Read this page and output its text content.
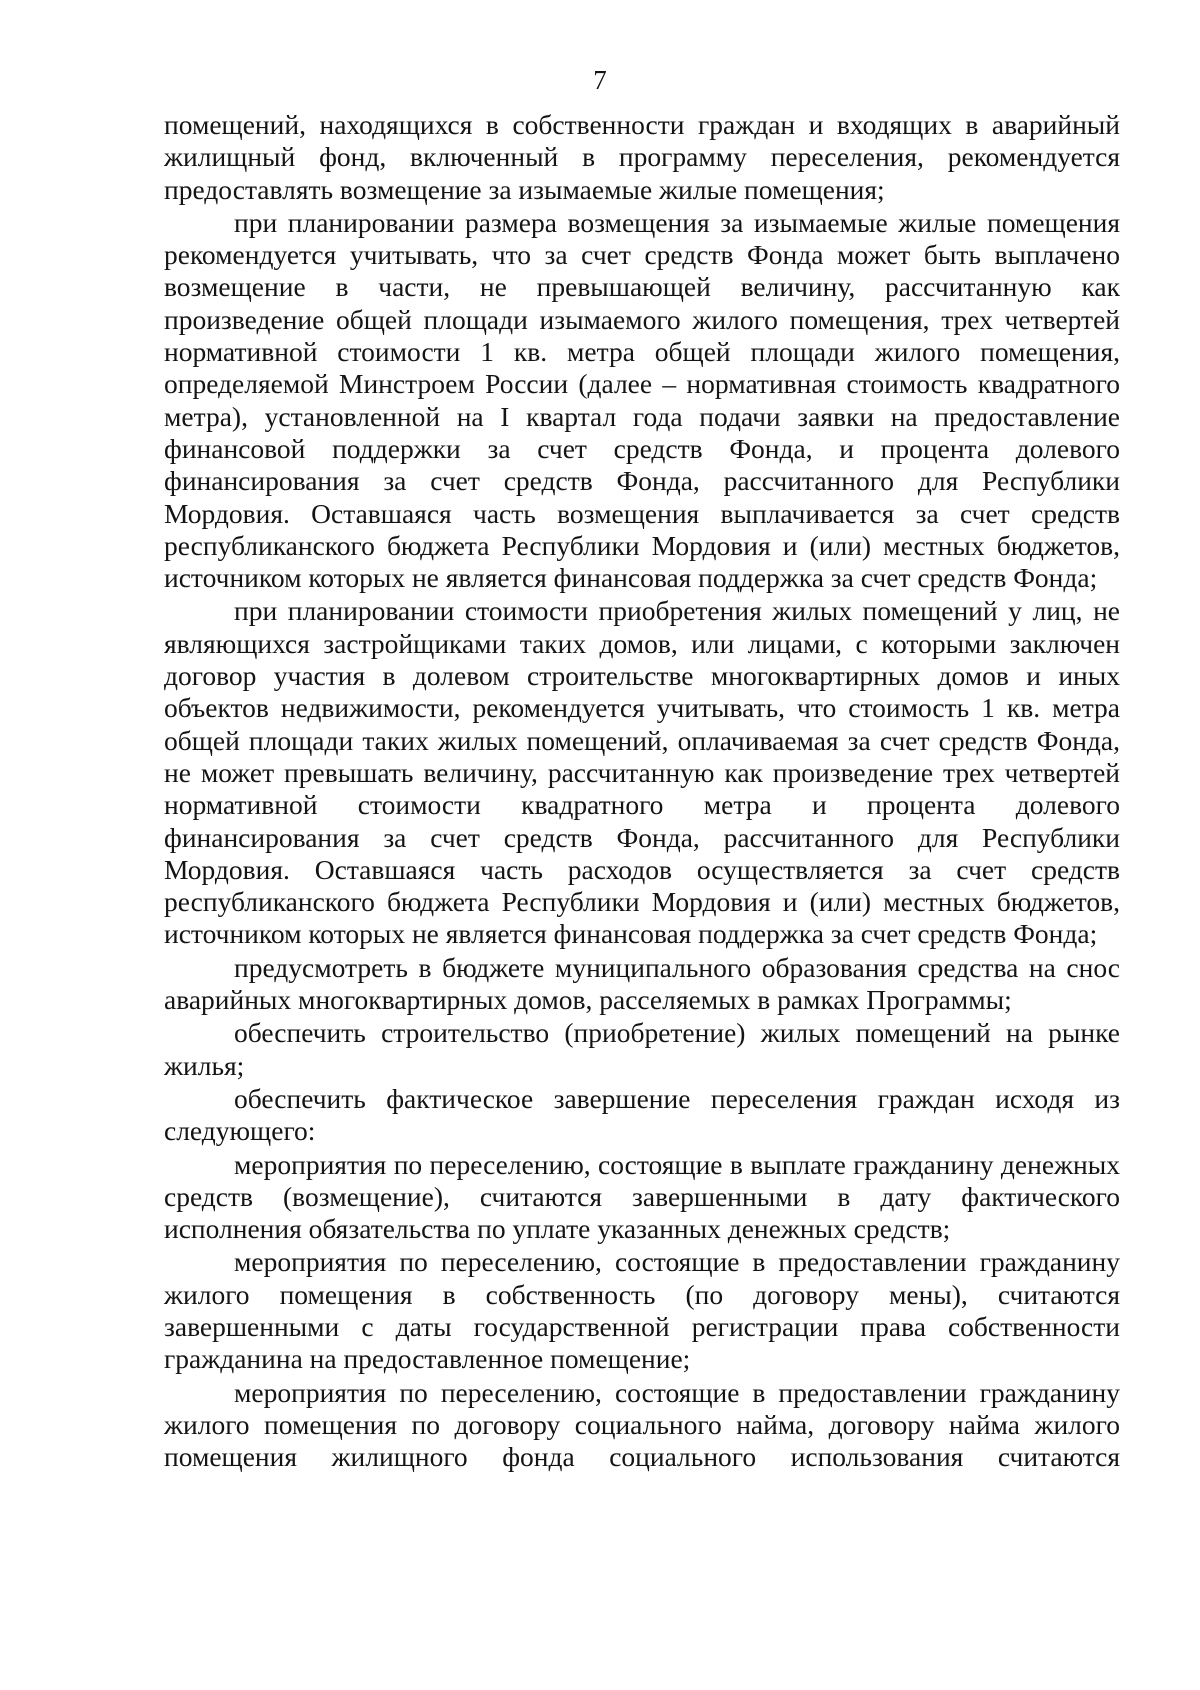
7

помещений, находящихся в собственности граждан и входящих в аварийный жилищный фонд, включенный в программу переселения, рекомендуется предоставлять возмещение за изымаемые жилые помещения;

при планировании размера возмещения за изымаемые жилые помещения рекомендуется учитывать, что за счет средств Фонда может быть выплачено возмещение в части, не превышающей величину, рассчитанную как произведение общей площади изымаемого жилого помещения, трех четвертей нормативной стоимости 1 кв. метра общей площади жилого помещения, определяемой Минстроем России (далее – нормативная стоимость квадратного метра), установленной на I квартал года подачи заявки на предоставление финансовой поддержки за счет средств Фонда, и процента долевого финансирования за счет средств Фонда, рассчитанного для Республики Мордовия. Оставшаяся часть возмещения выплачивается за счет средств республиканского бюджета Республики Мордовия и (или) местных бюджетов, источником которых не является финансовая поддержка за счет средств Фонда;

при планировании стоимости приобретения жилых помещений у лиц, не являющихся застройщиками таких домов, или лицами, с которыми заключен договор участия в долевом строительстве многоквартирных домов и иных объектов недвижимости, рекомендуется учитывать, что стоимость 1 кв. метра общей площади таких жилых помещений, оплачиваемая за счет средств Фонда, не может превышать величину, рассчитанную как произведение трех четвертей нормативной стоимости квадратного метра и процента долевого финансирования за счет средств Фонда, рассчитанного для Республики Мордовия. Оставшаяся часть расходов осуществляется за счет средств республиканского бюджета Республики Мордовия и (или) местных бюджетов, источником которых не является финансовая поддержка за счет средств Фонда;

предусмотреть в бюджете муниципального образования средства на снос аварийных многоквартирных домов, расселяемых в рамках Программы;

обеспечить строительство (приобретение) жилых помещений на рынке жилья;

обеспечить фактическое завершение переселения граждан исходя из следующего:

мероприятия по переселению, состоящие в выплате гражданину денежных средств (возмещение), считаются завершенными в дату фактического исполнения обязательства по уплате указанных денежных средств;

мероприятия по переселению, состоящие в предоставлении гражданину жилого помещения в собственность (по договору мены), считаются завершенными с даты государственной регистрации права собственности гражданина на предоставленное помещение;

мероприятия по переселению, состоящие в предоставлении гражданину жилого помещения по договору социального найма, договору найма жилого помещения жилищного фонда социального использования считаются
